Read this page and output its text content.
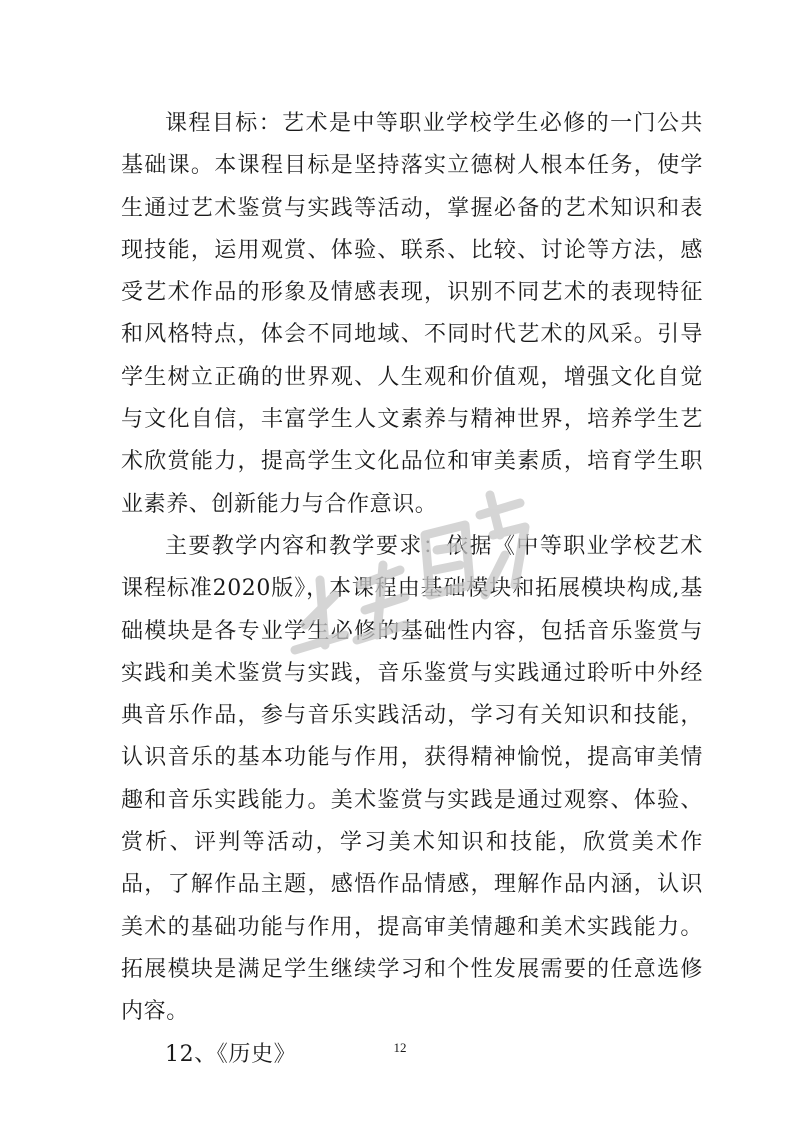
课程目标：艺术是中等职业学校学生必修的一门公共基础课。本课程目标是坚持落实立德树人根本任务，使学生通过艺术鉴赏与实践等活动，掌握必备的艺术知识和表现技能，运用观赏、体验、联系、比较、讨论等方法，感受艺术作品的形象及情感表现，识别不同艺术的表现特征和风格特点，体会不同地域、不同时代艺术的风采。引导学生树立正确的世界观、人生观和价值观，增强文化自觉与文化自信，丰富学生人文素养与精神世界，培养学生艺术欣赏能力，提高学生文化品位和审美素质，培育学生职业素养、创新能力与合作意识。

主要教学内容和教学要求：依据《中等职业学校艺术课程标准2020版》，本课程由基础模块和拓展模块构成,基础模块是各专业学生必修的基础性内容，包括音乐鉴赏与实践和美术鉴赏与实践，音乐鉴赏与实践通过聆听中外经典音乐作品，参与音乐实践活动，学习有关知识和技能，认识音乐的基本功能与作用，获得精神愉悦，提高审美情趣和音乐实践能力。美术鉴赏与实践是通过观察、体验、赏析、评判等活动，学习美术知识和技能，欣赏美术作品，了解作品主题，感悟作品情感，理解作品内涵，认识美术的基础功能与作用，提高审美情趣和美术实践能力。拓展模块是满足学生继续学习和个性发展需要的任意选修内容。

12、《历史》	12
